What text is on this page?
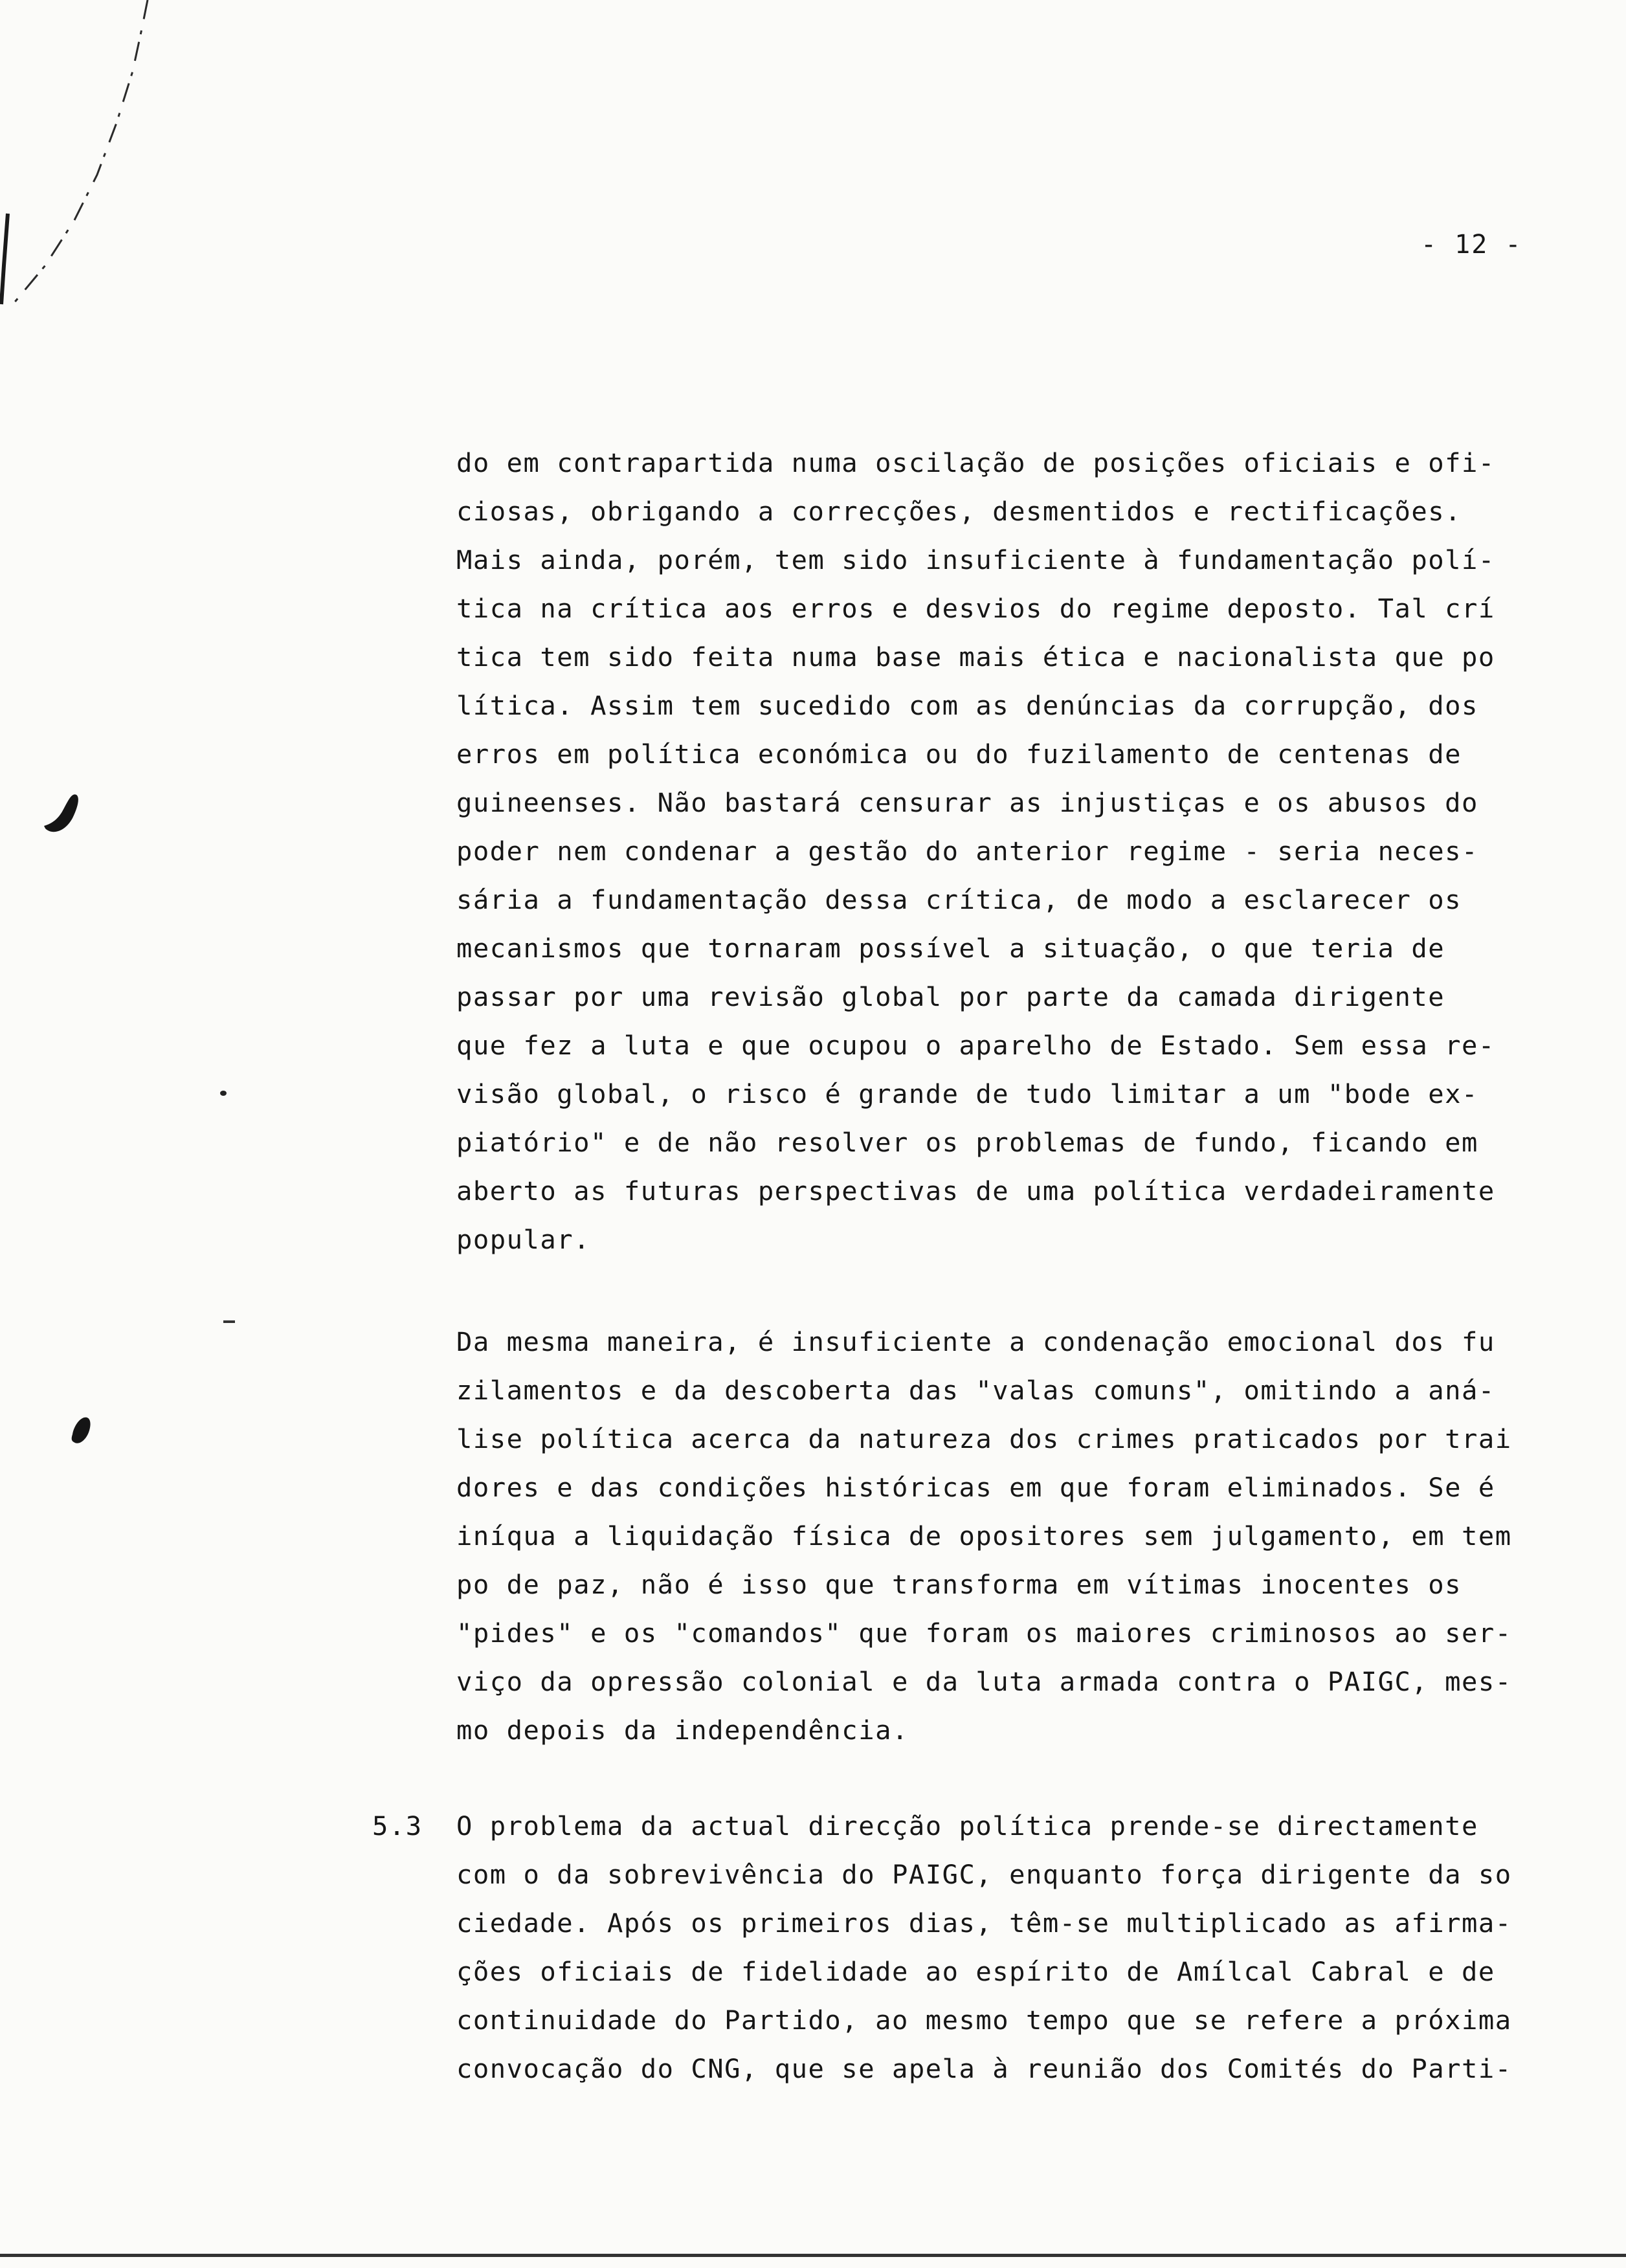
- 12 -
do em contrapartida numa oscilação de posições oficiais e ofi-
ciosas, obrigando a correcções, desmentidos e rectificações.
Mais ainda, porém, tem sido insuficiente à fundamentação polí-
tica na crítica aos erros e desvios do regime deposto. Tal crí
tica tem sido feita numa base mais ética e nacionalista que po
lítica. Assim tem sucedido com as denúncias da corrupção, dos
erros em política económica ou do fuzilamento de centenas de
guineenses. Não bastará censurar as injustiças e os abusos do
poder nem condenar a gestão do anterior regime - seria neces-
sária a fundamentação dessa crítica, de modo a esclarecer os
mecanismos que tornaram possível a situação, o que teria de
passar por uma revisão global por parte da camada dirigente
que fez a luta e que ocupou o aparelho de Estado. Sem essa re-
visão global, o risco é grande de tudo limitar a um "bode ex-
piatório" e de não resolver os problemas de fundo, ficando em
aberto as futuras perspectivas de uma política verdadeiramente
popular.
Da mesma maneira, é insuficiente a condenação emocional dos fu
zilamentos e da descoberta das "valas comuns", omitindo a aná-
lise política acerca da natureza dos crimes praticados por trai
dores e das condições históricas em que foram eliminados. Se é
iníqua a liquidação física de opositores sem julgamento, em tem
po de paz, não é isso que transforma em vítimas inocentes os
"pides" e os "comandos" que foram os maiores criminosos ao ser-
viço da opressão colonial e da luta armada contra o PAIGC, mes-
mo depois da independência.
5.3 O problema da actual direcção política prende-se directamente
com o da sobrevivência do PAIGC, enquanto força dirigente da so
ciedade. Após os primeiros dias, têm-se multiplicado as afirma-
ções oficiais de fidelidade ao espírito de Amílcal Cabral e de
continuidade do Partido, ao mesmo tempo que se refere a próxima
convocação do CNG, que se apela à reunião dos Comités do Parti-
